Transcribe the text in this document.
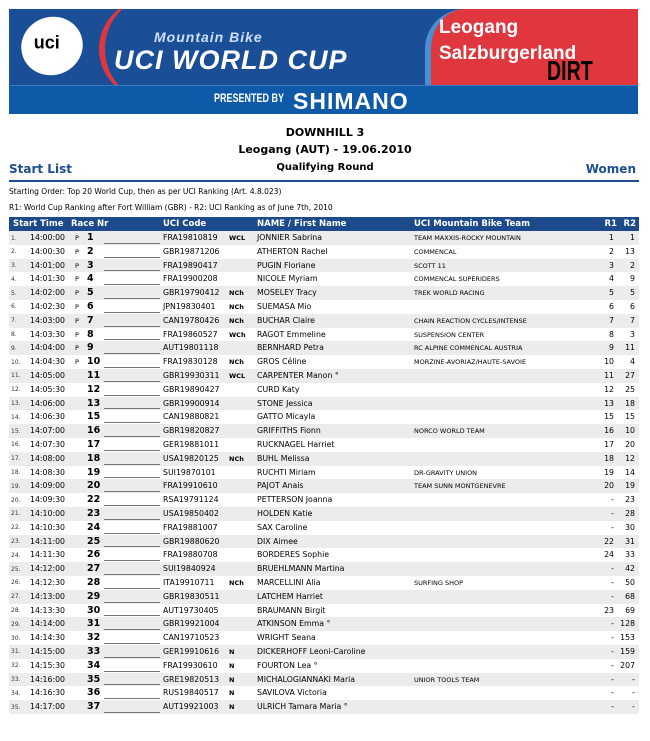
uci	Mountain Bike
UCI WORLD CUP
Leogang
Salzburgerland
DIRT
PRESENTED BY SHIMANO
DOWNHILL 3
Leogang (AUT) - 19.06.2010
Qualifying Round
Start List	Women
Starting Order: Top 20 World Cup, then as per UCI Ranking (Art. 4.8.023)
R1: World Cup Ranking after Fort William (GBR) - R2: UCI Ranking as of June 7th, 2010
Start Time Race Nr	UCI Code	NAME / First Name	UCI Mountain Bike Team	R1 R2
1. 14:00:00 P 1	FRA19810819 WCL JONNIER Sabrina	TEAM MAXXIS-ROCKY MOUNTAIN	1 1
2. 14:00:30 P 2	GBR19871206	ATHERTON Rachel	COMMENCAL	2 13
3. 14:01:00 P 3	FRA19890417	PUGIN Floriane	SCOTT 11	3 2
4. 14:01:30 P 4	FRA19900208	NICOLE Myriam	COMMENCAL SUPERIDERS	4 9
5. 14:02:00 P 5	GBR19790412 NCh MOSELEY Tracy	TREK WORLD RACING	5 5
6. 14:02:30 P 6	JPN19830401 NCh SUEMASA Mio	6 6
7. 14:03:00 P 7	CAN19780426 NCh BUCHAR Claire	CHAIN REACTION CYCLES/INTENSE	7 7
8. 14:03:30 P 8	FRA19860527 WCh RAGOT Emmeline	SUSPENSION CENTER	8 3
9. 14:04:00 P 9	AUT19801118	BERNHARD Petra	RC ALPINE COMMENCAL AUSTRIA	9 11
10. 14:04:30 P 10	FRA19830128 NCh GROS Céline	MORZINE-AVORIAZ/HAUTE-SAVOIE	10 4
11. 14:05:00 11	GBR19930311 WCL CARPENTER Manon °	11 27
12. 14:05:30 12	GBR19890427	CURD Katy	12 25
13. 14:06:00 13	GBR19900914	STONE Jessica	13 18
14. 14:06:30 15	CAN19880821	GATTO Micayla	15 15
15. 14:07:00 16	GBR19820827	GRIFFITHS Fionn	NORCO WORLD TEAM	16 10
16. 14:07:30 17	GER19881011	RUCKNAGEL Harriet	17 20
17. 14:08:00 18	USA19820125 NCh BUHL Melissa	18 12
18. 14:08:30 19	SUI19870101	RUCHTI Miriam	DR-GRAVITY UNION	19 14
19. 14:09:00 20	FRA19910610	PAJOT Anais	TEAM SUNN MONTGENEVRE	20 19
20. 14:09:30 22	RSA19791124	PETTERSON Joanna	- 23
21. 14:10:00 23	USA19850402	HOLDEN Katie	- 28
22. 14:10:30 24	FRA19881007	SAX Caroline	- 30
23. 14:11:00 25	GBR19880620	DIX Aimee	22 31
24. 14:11:30 26	FRA19880708	BORDERES Sophie	24 33
25. 14:12:00 27	SUI19840924	BRUEHLMANN Martina	- 42
26. 14:12:30 28	ITA19910711 NCh MARCELLINI Alia	SURFING SHOP	- 50
27. 14:13:00 29	GBR19830511	LATCHEM Harriet	- 68
28. 14:13:30 30	AUT19730405	BRAUMANN Birgit	23 69
29. 14:14:00 31	GBR19921004	ATKINSON Emma °	- 128
30. 14:14:30 32	CAN19710523	WRIGHT Seana	- 153
31. 14:15:00 33	GER19910616 N	DICKERHOFF Leoni-Caroline	- 159
32. 14:15:30 34	FRA19930610 N	FOURTON Lea °	- 207
33. 14:16:00 35	GRE19820513 N	MICHALOGIANNAKI Maria	UNIOR TOOLS TEAM	- -
34. 14:16:30 36	RUS19840517 N	SAVILOVA Victoria	- -
35. 14:17:00 37	AUT19921003 N	ULRICH Tamara Maria °	- -
